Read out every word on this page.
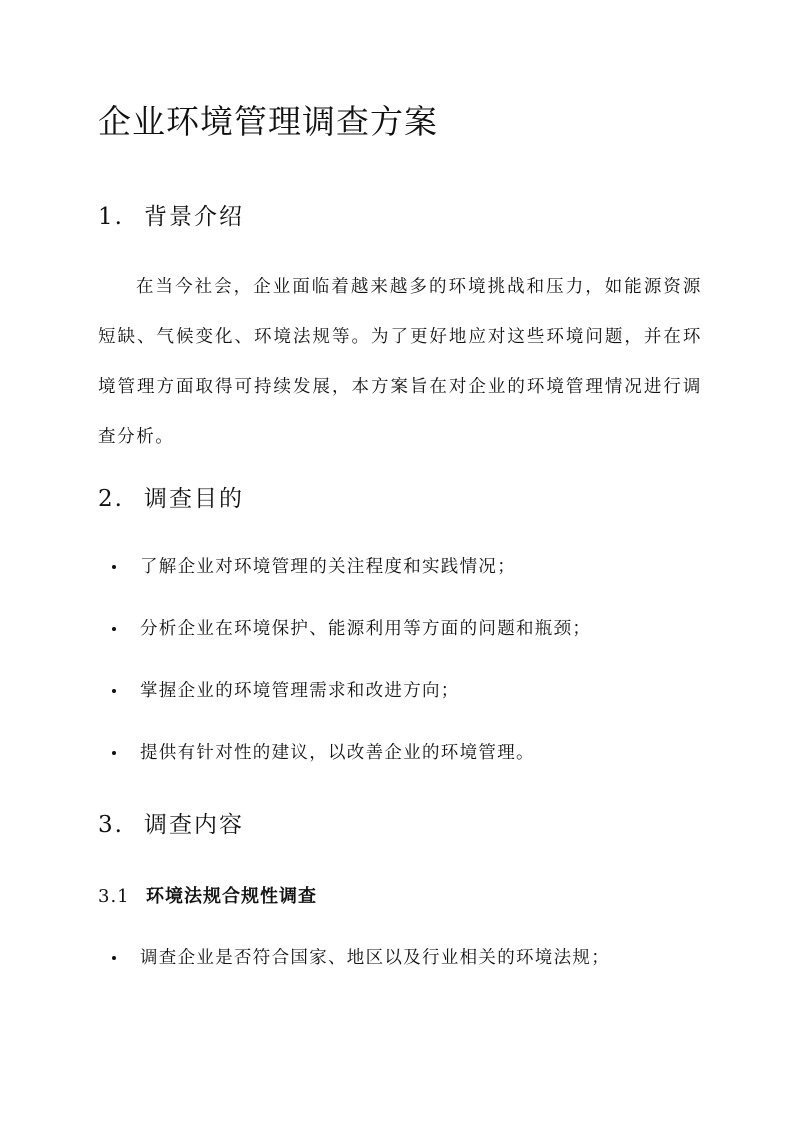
企业环境管理调查方案
1. 背景介绍

在当今社会，企业面临着越来越多的环境挑战和压力，如能源资源短缺、气候变化、环境法规等。为了更好地应对这些环境问题，并在环境管理方面取得可持续发展，本方案旨在对企业的环境管理情况进行调查分析。

2. 调查目的
了解企业对环境管理的关注程度和实践情况；
分析企业在环境保护、能源利用等方面的问题和瓶颈；
掌握企业的环境管理需求和改进方向；
提供有针对性的建议，以改善企业的环境管理。
3. 调查内容
3.1 环境法规合规性调查
调查企业是否符合国家、地区以及行业相关的环境法规；
